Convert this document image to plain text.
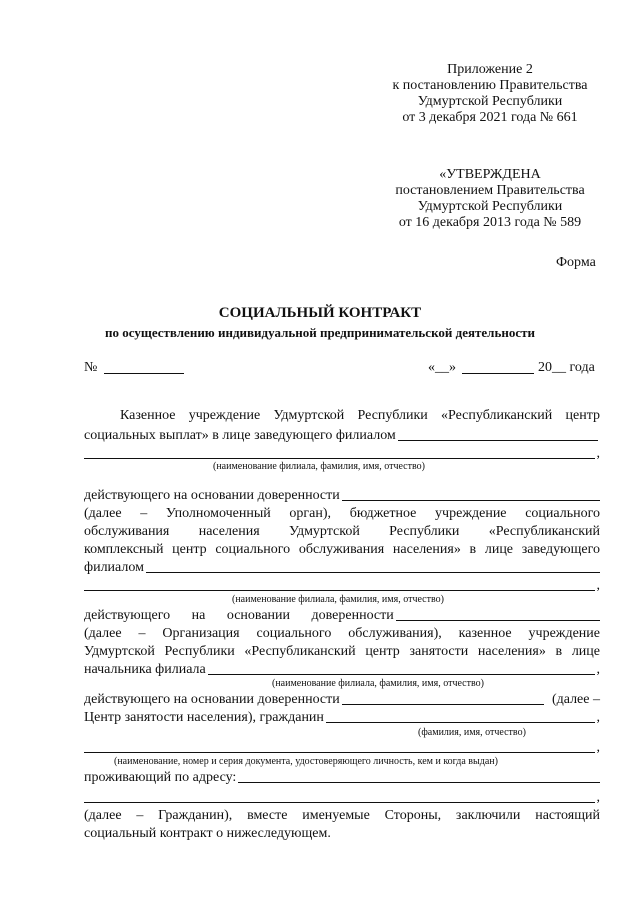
Приложение 2
к постановлению Правительства
Удмуртской Республики
от 3 декабря 2021 года № 661
«УТВЕРЖДЕНА
постановлением Правительства
Удмуртской Республики
от 16 декабря 2013 года № 589
Форма
СОЦИАЛЬНЫЙ КОНТРАКТ
по осуществлению индивидуальной предпринимательской деятельности
№	«__»	20__ года
Казенное учреждение Удмуртской Республики «Республиканский центр
социальных выплат» в лице заведующего филиалом
,
(наименование филиала, фамилия, имя, отчество)
действующего на основании доверенности
(далее – Уполномоченный орган), бюджетное учреждение социального
обслуживания населения Удмуртской Республики «Республиканский
комплексный центр социального обслуживания населения» в лице заведующего
филиалом
,
(наименование филиала, фамилия, имя, отчество)
действующего на основании доверенности
(далее – Организация социального обслуживания), казенное учреждение
Удмуртской Республики «Республиканский центр занятости населения» в лице
начальника филиала	,
(наименование филиала, фамилия, имя, отчество)
действующего на основании доверенности	(далее –
Центр занятости населения), гражданин	,
(фамилия, имя, отчество)
,
(наименование, номер и серия документа, удостоверяющего личность, кем и когда выдан)
проживающий по адресу:
,
(далее – Гражданин), вместе именуемые Стороны, заключили настоящий
социальный контракт о нижеследующем.
